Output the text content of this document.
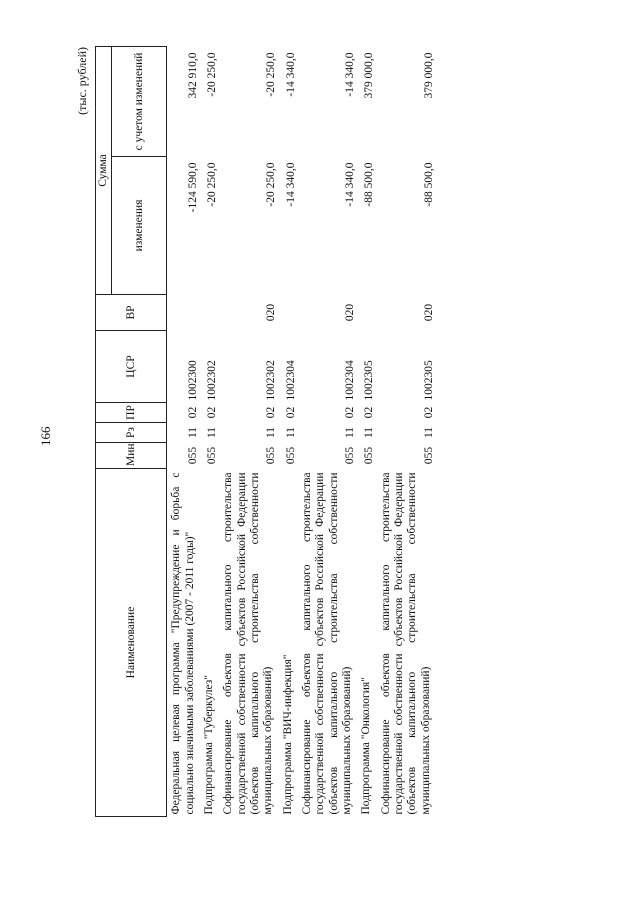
166
(тыс. рублей)
Наименование	Мин	Рз	ПР	ЦСР	ВР	Сумма	
						изменения	с учетом изменений
Федеральная целевая программа "Предупреждение и борьба с социально значимыми заболеваниями (2007 - 2011 годы)"	055	11	02	1002300		-124 590,0	342 910,0
Подпрограмма "Туберкулез"	055	11	02	1002302		-20 250,0	-20 250,0
Софинансирование объектов капитального строительства государственной собственности субъектов Российской Федерации (объектов капитального строительства собственности муниципальных образований)	055	11	02	1002302	020	-20 250,0	-20 250,0
Подпрограмма "ВИЧ-инфекция"	055	11	02	1002304		-14 340,0	-14 340,0
Софинансирование объектов капитального строительства государственной собственности субъектов Российской Федерации (объектов капитального строительства собственности муниципальных образований)	055	11	02	1002304	020	-14 340,0	-14 340,0
Подпрограмма "Онкология"	055	11	02	1002305		-88 500,0	379 000,0
Софинансирование объектов капитального строительства государственной собственности субъектов Российской Федерации (объектов капитального строительства собственности муниципальных образований)	055	11	02	1002305	020	-88 500,0	379 000,0
